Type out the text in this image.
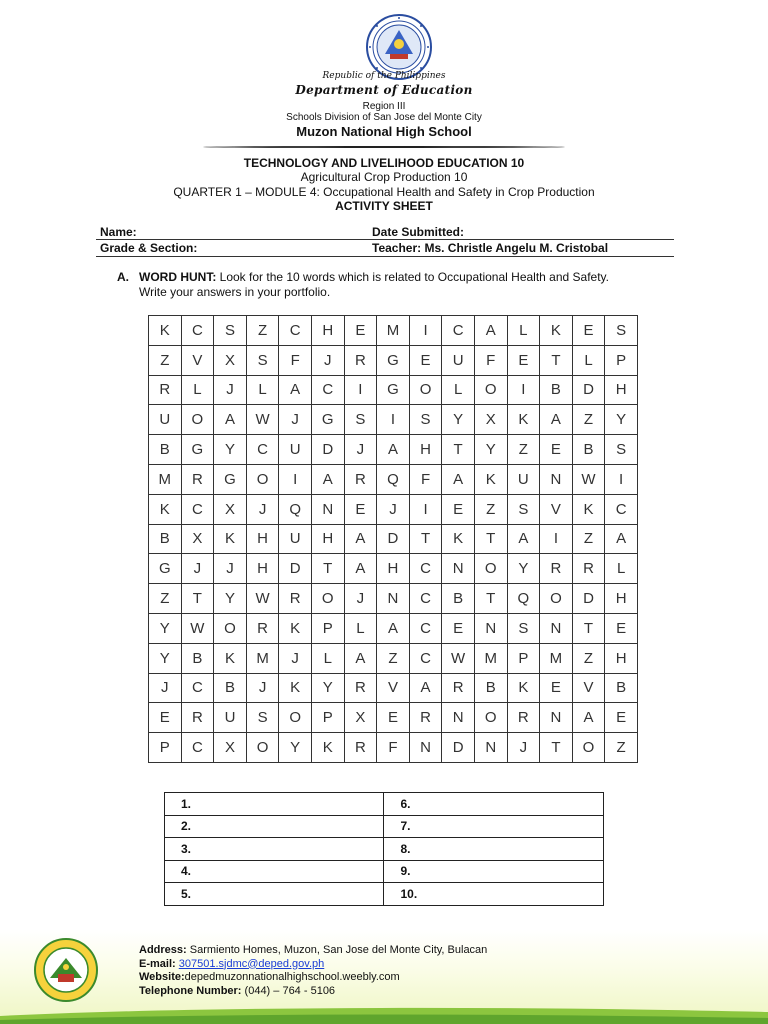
Republic of the Philippines
Department of Education
Region III
Schools Division of San Jose del Monte City
Muzon National High School
TECHNOLOGY AND LIVELIHOOD EDUCATION 10
Agricultural Crop Production 10
QUARTER 1 – MODULE 4: Occupational Health and Safety in Crop Production
ACTIVITY SHEET
Name:	Date Submitted:
Grade & Section:	Teacher: Ms. Christle Angelu M. Cristobal
A. WORD HUNT: Look for the 10 words which is related to Occupational Health and Safety.
Write your answers in your portfolio.
K	C	S	Z	C	H	E	M	I	C	A	L	K	E	S
Z	V	X	S	F	J	R	G	E	U	F	E	T	L	P
R	L	J	L	A	C	I	G	O	L	O	I	B	D	H
U	O	A	W	J	G	S	I	S	Y	X	K	A	Z	Y
B	G	Y	C	U	D	J	A	H	T	Y	Z	E	B	S
M	R	G	O	I	A	R	Q	F	A	K	U	N	W	I
K	C	X	J	Q	N	E	J	I	E	Z	S	V	K	C
B	X	K	H	U	H	A	D	T	K	T	A	I	Z	A
G	J	J	H	D	T	A	H	C	N	O	Y	R	R	L
Z	T	Y	W	R	O	J	N	C	B	T	Q	O	D	H
Y	W	O	R	K	P	L	A	C	E	N	S	N	T	E
Y	B	K	M	J	L	A	Z	C	W	M	P	M	Z	H
J	C	B	J	K	Y	R	V	A	R	B	K	E	V	B
E	R	U	S	O	P	X	E	R	N	O	R	N	A	E
P	C	X	O	Y	K	R	F	N	D	N	J	T	O	Z
1.	6.
2.	7.
3.	8.
4.	9.
5.	10.
Address: Sarmiento Homes, Muzon, San Jose del Monte City, Bulacan
E-mail: 307501.sjdmc@deped.gov.ph
Website:depedmuzonnationalhighschool.weebly.com
Telephone Number: (044) – 764 - 5106
